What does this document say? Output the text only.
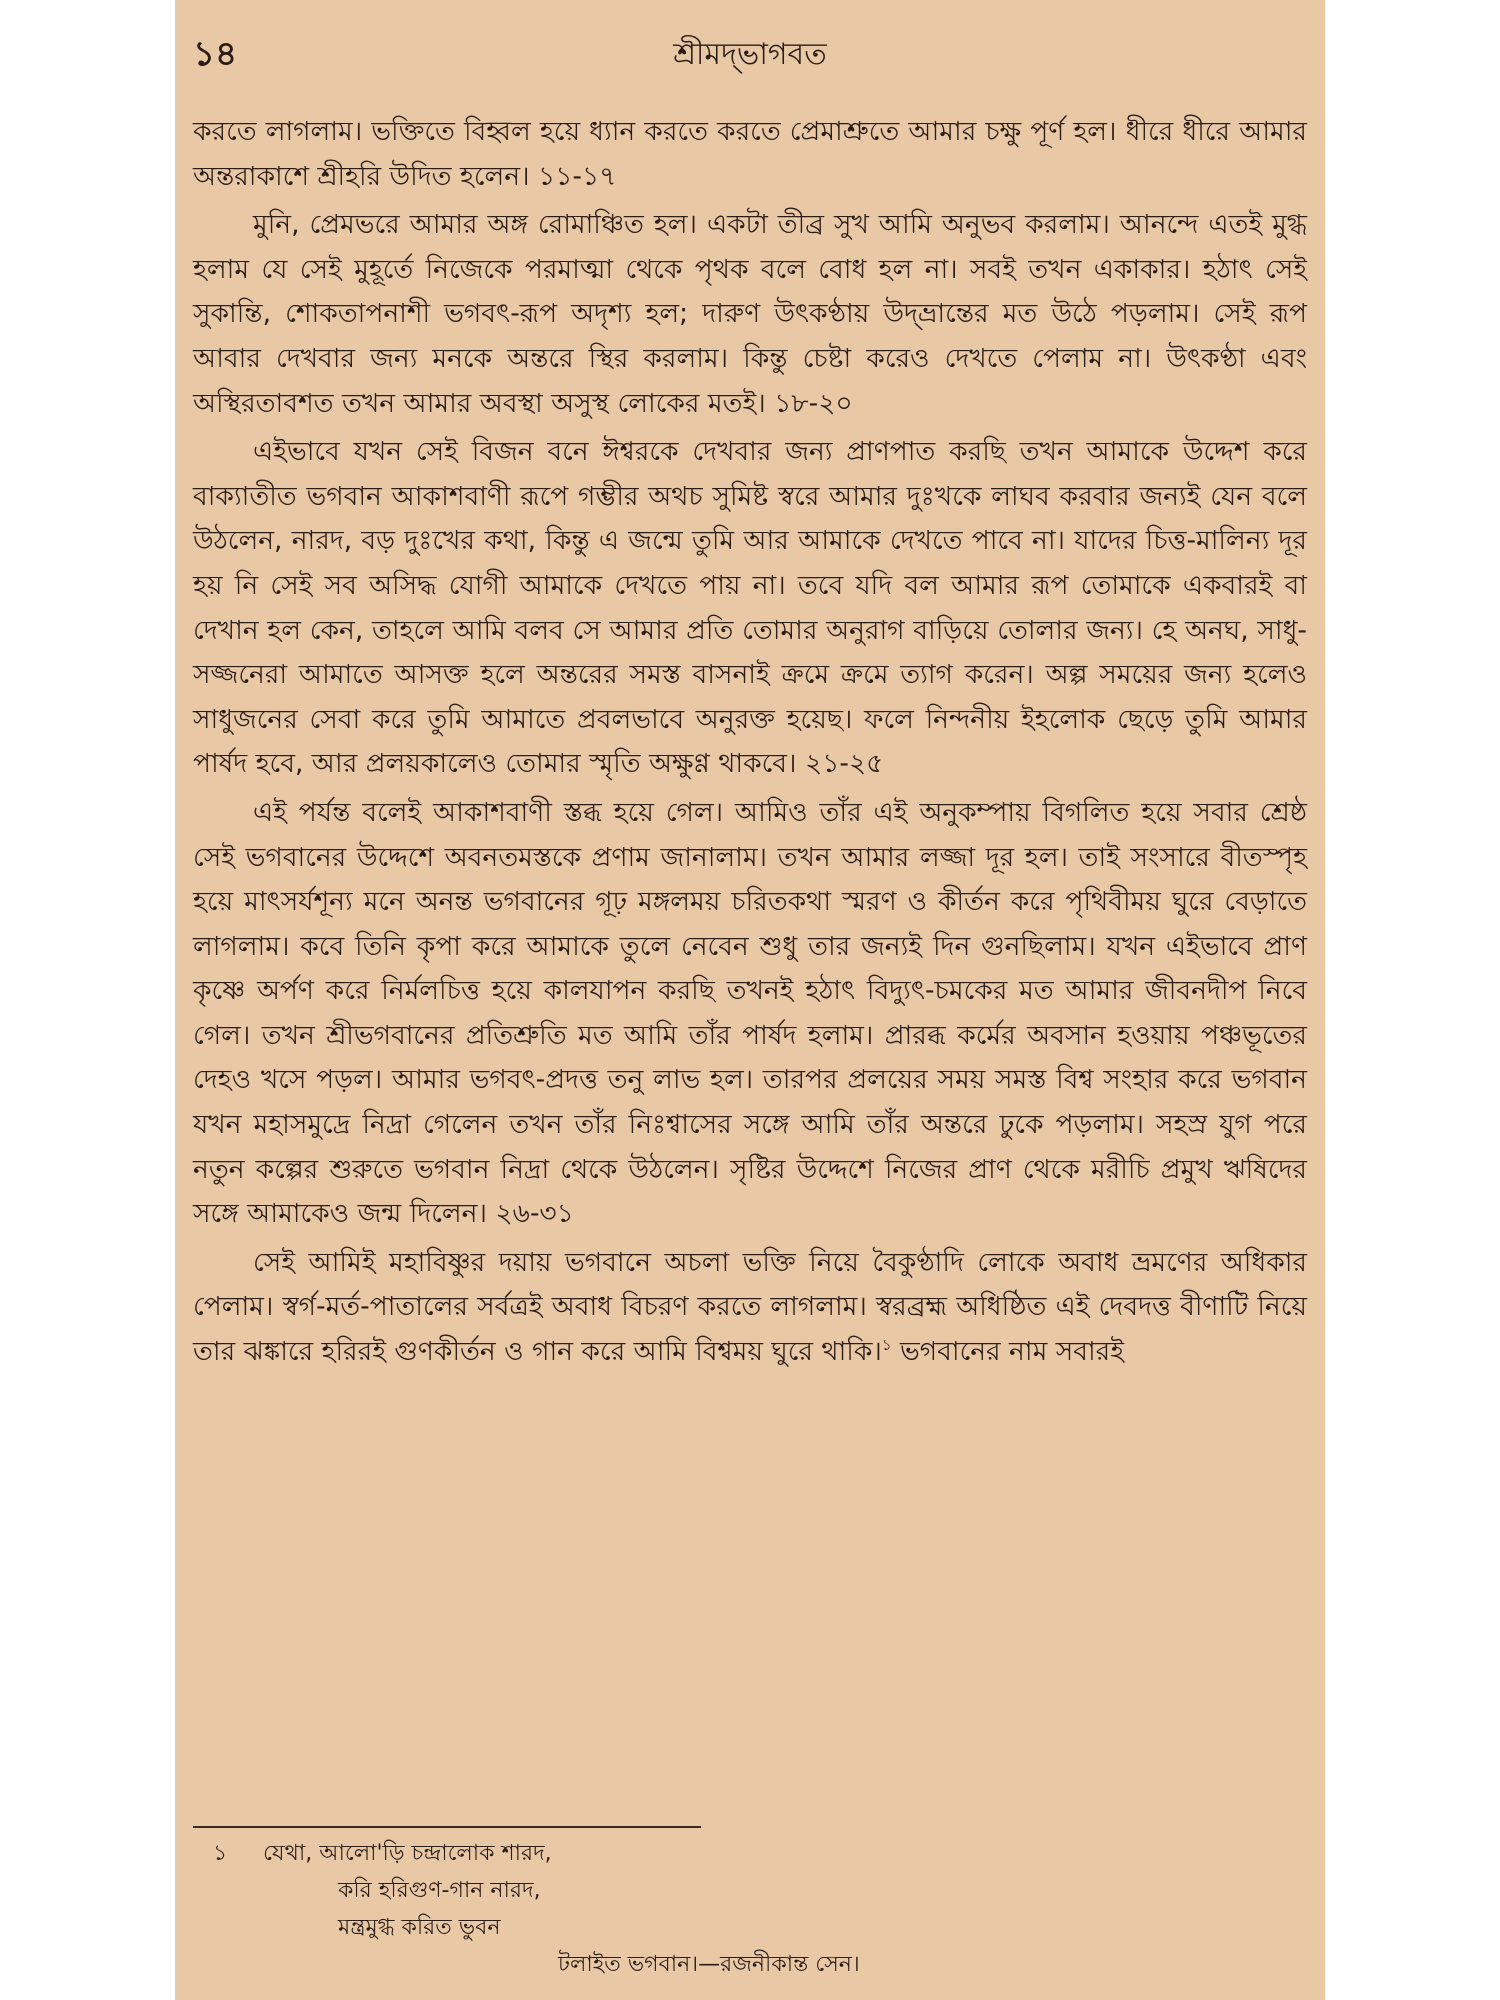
১৪	শ্রীমদ্‌ভাগবত

করতে লাগলাম। ভক্তিতে বিহ্বল হয়ে ধ্যান করতে করতে প্রেমাশ্রুতে আমার চক্ষু পূর্ণ হল। ধীরে ধীরে আমার অন্তরাকাশে শ্রীহরি উদিত হলেন। ১১-১৭

মুনি, প্রেমভরে আমার অঙ্গ রোমাঞ্চিত হল। একটা তীব্র সুখ আমি অনুভব করলাম। আনন্দে এতই মুগ্ধ হলাম যে সেই মুহূর্তে নিজেকে পরমাত্মা থেকে পৃথক বলে বোধ হল না। সবই তখন একাকার। হঠাৎ সেই সুকান্তি, শোকতাপনাশী ভগবৎ-রূপ অদৃশ্য হল; দারুণ উৎকণ্ঠায় উদ্‌ভ্রান্তের মত উঠে পড়লাম। সেই রূপ আবার দেখবার জন্য মনকে অন্তরে স্থির করলাম। কিন্তু চেষ্টা করেও দেখতে পেলাম না। উৎকণ্ঠা এবং অস্থিরতাবশত তখন আমার অবস্থা অসুস্থ লোকের মতই। ১৮-২০

এইভাবে যখন সেই বিজন বনে ঈশ্বরকে দেখবার জন্য প্রাণপাত করছি তখন আমাকে উদ্দেশ করে বাক্যাতীত ভগবান আকাশবাণী রূপে গম্ভীর অথচ সুমিষ্ট স্বরে আমার দুঃখকে লাঘব করবার জন্যই যেন বলে উঠলেন, নারদ, বড় দুঃখের কথা, কিন্তু এ জন্মে তুমি আর আমাকে দেখতে পাবে না। যাদের চিত্ত-মালিন্য দূর হয় নি সেই সব অসিদ্ধ যোগী আমাকে দেখতে পায় না। তবে যদি বল আমার রূপ তোমাকে একবারই বা দেখান হল কেন, তাহলে আমি বলব সে আমার প্রতি তোমার অনুরাগ বাড়িয়ে তোলার জন্য। হে অনঘ, সাধু-সজ্জনেরা আমাতে আসক্ত হলে অন্তরের সমস্ত বাসনাই ক্রমে ক্রমে ত্যাগ করেন। অল্প সময়ের জন্য হলেও সাধুজনের সেবা করে তুমি আমাতে প্রবলভাবে অনুরক্ত হয়েছ। ফলে নিন্দনীয় ইহলোক ছেড়ে তুমি আমার পার্ষদ হবে, আর প্রলয়কালেও তোমার স্মৃতি অক্ষুণ্ণ থাকবে। ২১-২৫

এই পর্যন্ত বলেই আকাশবাণী স্তব্ধ হয়ে গেল। আমিও তাঁর এই অনুকম্পায় বিগলিত হয়ে সবার শ্রেষ্ঠ সেই ভগবানের উদ্দেশে অবনতমস্তকে প্রণাম জানালাম। তখন আমার লজ্জা দূর হল। তাই সংসারে বীতস্পৃহ হয়ে মাৎসর্যশূন্য মনে অনন্ত ভগবানের গূঢ় মঙ্গলময় চরিতকথা স্মরণ ও কীর্তন করে পৃথিবীময় ঘুরে বেড়াতে লাগলাম। কবে তিনি কৃপা করে আমাকে তুলে নেবেন শুধু তার জন্যই দিন গুনছিলাম। যখন এইভাবে প্রাণ কৃষ্ণে অর্পণ করে নির্মলচিত্ত হয়ে কালযাপন করছি তখনই হঠাৎ বিদ্যুৎ-চমকের মত আমার জীবনদীপ নিবে গেল। তখন শ্রীভগবানের প্রতিশ্রুতি মত আমি তাঁর পার্ষদ হলাম। প্রারব্ধ কর্মের অবসান হওয়ায় পঞ্চভূতের দেহও খসে পড়ল। আমার ভগবৎ-প্রদত্ত তনু লাভ হল। তারপর প্রলয়ের সময় সমস্ত বিশ্ব সংহার করে ভগবান যখন মহাসমুদ্রে নিদ্রা গেলেন তখন তাঁর নিঃশ্বাসের সঙ্গে আমি তাঁর অন্তরে ঢুকে পড়লাম। সহস্র যুগ পরে নতুন কল্পের শুরুতে ভগবান নিদ্রা থেকে উঠলেন। সৃষ্টির উদ্দেশে নিজের প্রাণ থেকে মরীচি প্রমুখ ঋষিদের সঙ্গে আমাকেও জন্ম দিলেন। ২৬-৩১

সেই আমিই মহাবিষ্ণুর দয়ায় ভগবানে অচলা ভক্তি নিয়ে বৈকুণ্ঠাদি লোকে অবাধ ভ্রমণের অধিকার পেলাম। স্বর্গ-মর্ত-পাতালের সর্বত্রই অবাধ বিচরণ করতে লাগলাম। স্বরব্রহ্ম অধিষ্ঠিত এই দেবদত্ত বীণাটি নিয়ে তার ঝঙ্কারে হরিরই গুণকীর্তন ও গান করে আমি বিশ্বময় ঘুরে থাকি।$^১$ ভগবানের নাম সবারই

১ যেথা, আলো'ড়ি চন্দ্রালোক শারদ,
করি হরিগুণ-গান নারদ,
মন্ত্রমুগ্ধ করিত ভুবন
টলাইত ভগবান।—রজনীকান্ত সেন।
